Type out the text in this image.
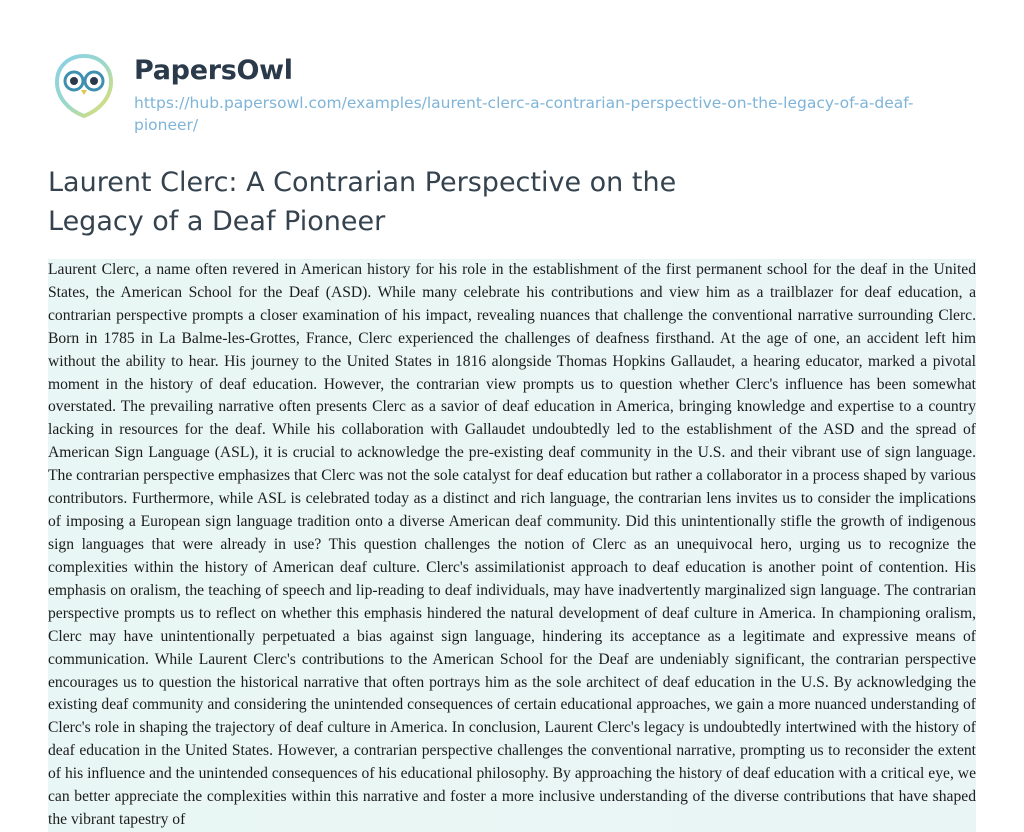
PapersOwl
https://hub.papersowl.com/examples/laurent-clerc-a-contrarian-perspective-on-the-legacy-of-a-deaf-pioneer/
Laurent Clerc: A Contrarian Perspective on the Legacy of a Deaf Pioneer
Laurent Clerc, a name often revered in American history for his role in the establishment of the first permanent school for the deaf in the United States, the American School for the Deaf (ASD). While many celebrate his contributions and view him as a trailblazer for deaf education, a contrarian perspective prompts a closer examination of his impact, revealing nuances that challenge the conventional narrative surrounding Clerc. Born in 1785 in La Balme-les-Grottes, France, Clerc experienced the challenges of deafness firsthand. At the age of one, an accident left him without the ability to hear. His journey to the United States in 1816 alongside Thomas Hopkins Gallaudet, a hearing educator, marked a pivotal moment in the history of deaf education. However, the contrarian view prompts us to question whether Clerc's influence has been somewhat overstated. The prevailing narrative often presents Clerc as a savior of deaf education in America, bringing knowledge and expertise to a country lacking in resources for the deaf. While his collaboration with Gallaudet undoubtedly led to the establishment of the ASD and the spread of American Sign Language (ASL), it is crucial to acknowledge the pre-existing deaf community in the U.S. and their vibrant use of sign language. The contrarian perspective emphasizes that Clerc was not the sole catalyst for deaf education but rather a collaborator in a process shaped by various contributors. Furthermore, while ASL is celebrated today as a distinct and rich language, the contrarian lens invites us to consider the implications of imposing a European sign language tradition onto a diverse American deaf community. Did this unintentionally stifle the growth of indigenous sign languages that were already in use? This question challenges the notion of Clerc as an unequivocal hero, urging us to recognize the complexities within the history of American deaf culture. Clerc's assimilationist approach to deaf education is another point of contention. His emphasis on oralism, the teaching of speech and lip-reading to deaf individuals, may have inadvertently marginalized sign language. The contrarian perspective prompts us to reflect on whether this emphasis hindered the natural development of deaf culture in America. In championing oralism, Clerc may have unintentionally perpetuated a bias against sign language, hindering its acceptance as a legitimate and expressive means of communication. While Laurent Clerc's contributions to the American School for the Deaf are undeniably significant, the contrarian perspective encourages us to question the historical narrative that often portrays him as the sole architect of deaf education in the U.S. By acknowledging the existing deaf community and considering the unintended consequences of certain educational approaches, we gain a more nuanced understanding of Clerc's role in shaping the trajectory of deaf culture in America. In conclusion, Laurent Clerc's legacy is undoubtedly intertwined with the history of deaf education in the United States. However, a contrarian perspective challenges the conventional narrative, prompting us to reconsider the extent of his influence and the unintended consequences of his educational philosophy. By approaching the history of deaf education with a critical eye, we can better appreciate the complexities within this narrative and foster a more inclusive understanding of the diverse contributions that have shaped the vibrant tapestry of
